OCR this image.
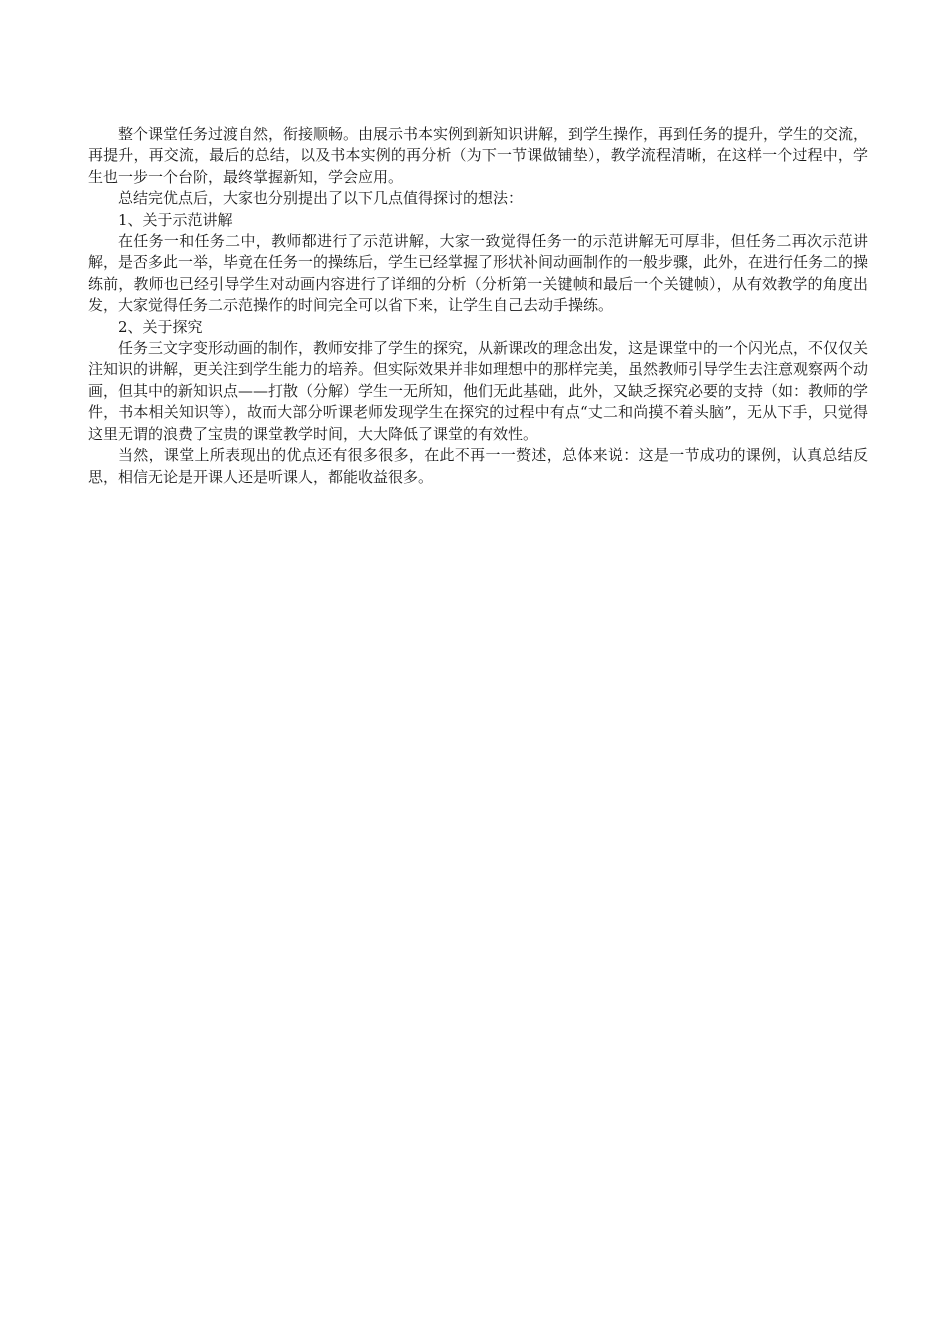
整个课堂任务过渡自然，衔接顺畅。由展示书本实例到新知识讲解，到学生操作，再到任务的提升，学生的交流，再提升，再交流，最后的总结，以及书本实例的再分析（为下一节课做铺垫），教学流程清晰，在这样一个过程中，学生也一步一个台阶，最终掌握新知，学会应用。

总结完优点后，大家也分别提出了以下几点值得探讨的想法：

1、关于示范讲解

在任务一和任务二中，教师都进行了示范讲解，大家一致觉得任务一的示范讲解无可厚非，但任务二再次示范讲解，是否多此一举，毕竟在任务一的操练后，学生已经掌握了形状补间动画制作的一般步骤，此外，在进行任务二的操练前，教师也已经引导学生对动画内容进行了详细的分析（分析第一关键帧和最后一个关键帧），从有效教学的角度出发，大家觉得任务二示范操作的时间完全可以省下来，让学生自己去动手操练。

2、关于探究

任务三文字变形动画的制作，教师安排了学生的探究，从新课改的理念出发，这是课堂中的一个闪光点，不仅仅关注知识的讲解，更关注到学生能力的培养。但实际效果并非如理想中的那样完美，虽然教师引导学生去注意观察两个动画，但其中的新知识点——打散（分解）学生一无所知，他们无此基础，此外，又缺乏探究必要的支持（如：教师的学件，书本相关知识等），故而大部分听课老师发现学生在探究的过程中有点“丈二和尚摸不着头脑”，无从下手，只觉得这里无谓的浪费了宝贵的课堂教学时间，大大降低了课堂的有效性。

当然，课堂上所表现出的优点还有很多很多，在此不再一一赘述，总体来说：这是一节成功的课例，认真总结反思，相信无论是开课人还是听课人，都能收益很多。
